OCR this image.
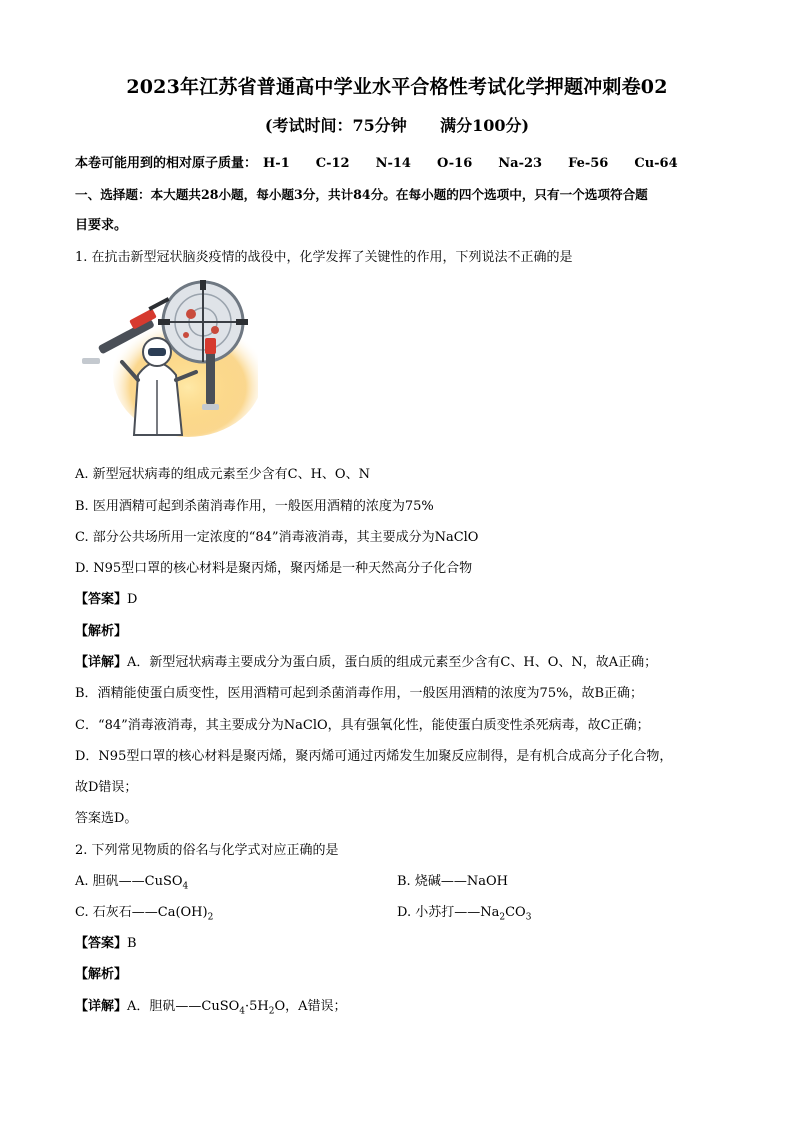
2023年江苏省普通高中学业水平合格性考试化学押题冲刺卷02
(考试时间：75分钟      满分100分)
本卷可能用到的相对原子质量： H-1 C-12 N-14 O-16 Na-23 Fe-56 Cu-64
一、选择题：本大题共28小题，每小题3分，共计84分。在每小题的四个选项中，只有一个选项符合题
目要求。
1. 在抗击新型冠状脑炎疫情的战役中，化学发挥了关键性的作用，下列说法不正确的是
A. 新型冠状病毒的组成元素至少含有C、H、O、N
B. 医用酒精可起到杀菌消毒作用，一般医用酒精的浓度为75%
C. 部分公共场所用一定浓度的“84”消毒液消毒，其主要成分为NaClO
D. N95型口罩的核心材料是聚丙烯，聚丙烯是一种天然高分子化合物
【答案】D
【解析】
【详解】A．新型冠状病毒主要成分为蛋白质，蛋白质的组成元素至少含有C、H、O、N，故A正确；
B．酒精能使蛋白质变性，医用酒精可起到杀菌消毒作用，一般医用酒精的浓度为75%，故B正确；
C．“84”消毒液消毒，其主要成分为NaClO，具有强氧化性，能使蛋白质变性杀死病毒，故C正确；
D．N95型口罩的核心材料是聚丙烯，聚丙烯可通过丙烯发生加聚反应制得，是有机合成高分子化合物，
故D错误；
答案选D。
2. 下列常见物质的俗名与化学式对应正确的是
A. 胆矾——CuSO$_4$	B. 烧碱——NaOH
C. 石灰石$——Ca(OH)_2$	D. 小苏打$——Na_2CO_3$
【答案】B
【解析】
【详解】A．胆矾$——CuSO_4\cdot 5H_2O$，A错误；
